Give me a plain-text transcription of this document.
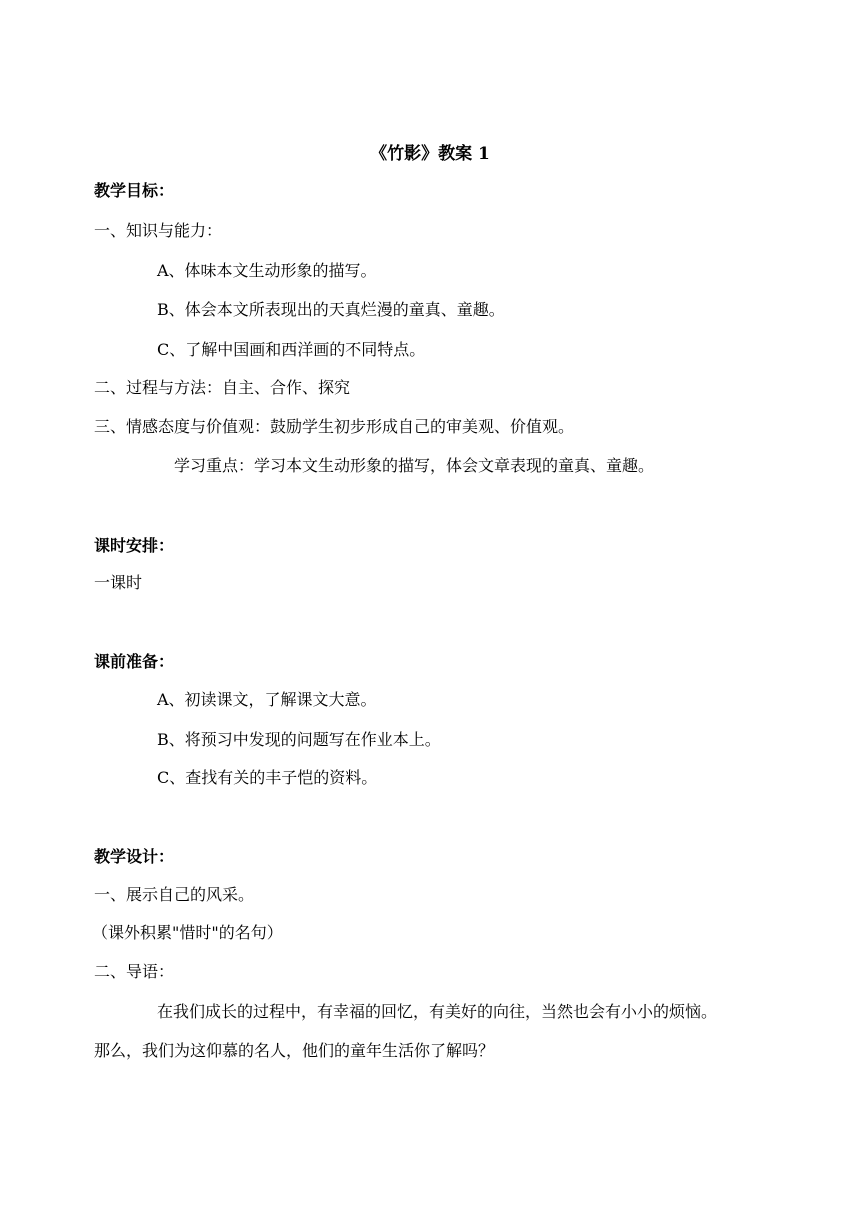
《竹影》教案 1
教学目标：
一、知识与能力：
A、体味本文生动形象的描写。
B、体会本文所表现出的天真烂漫的童真、童趣。
C、了解中国画和西洋画的不同特点。
二、过程与方法：自主、合作、探究
三、情感态度与价值观：鼓励学生初步形成自己的审美观、价值观。
学习重点：学习本文生动形象的描写，体会文章表现的童真、童趣。
课时安排：
一课时
课前准备：
A、初读课文，了解课文大意。
B、将预习中发现的问题写在作业本上。
C、查找有关的丰子恺的资料。
教学设计：
一、展示自己的风采。
（课外积累"惜时"的名句）
二、导语：
在我们成长的过程中，有幸福的回忆，有美好的向往，当然也会有小小的烦恼。
那么，我们为这仰慕的名人，他们的童年生活你了解吗？
